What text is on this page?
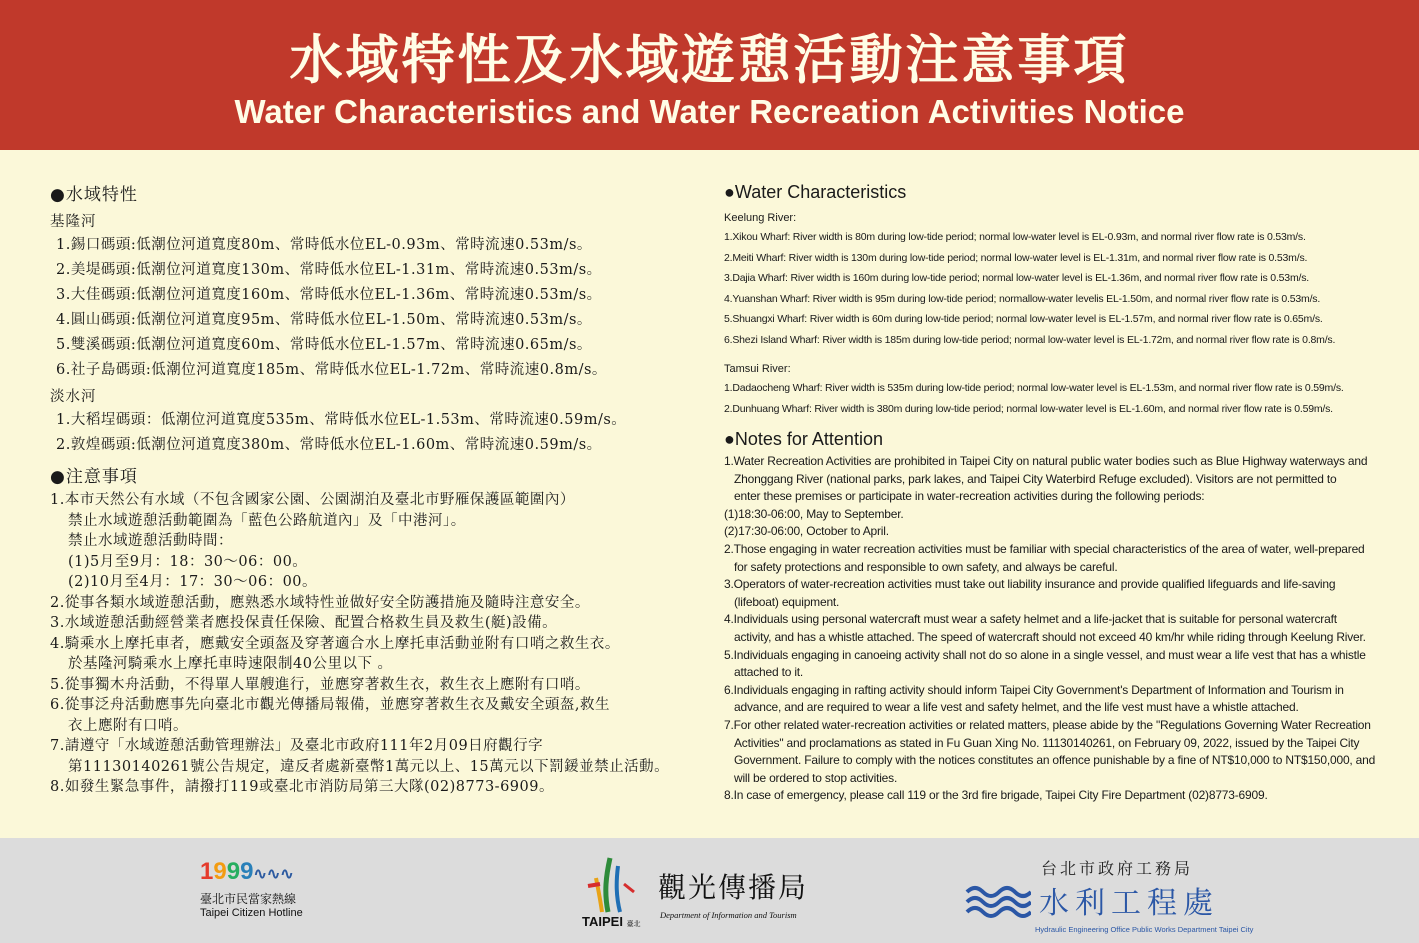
水域特性及水域遊憩活動注意事項
Water Characteristics and Water Recreation Activities Notice
● 水域特性
基隆河
1.錫口碼頭:低潮位河道寬度80m、常時低水位EL-0.93m、常時流速0.53m/s。
2.美堤碼頭:低潮位河道寬度130m、常時低水位EL-1.31m、常時流速0.53m/s。
3.大佳碼頭:低潮位河道寬度160m、常時低水位EL-1.36m、常時流速0.53m/s。
4.圓山碼頭:低潮位河道寬度95m、常時低水位EL-1.50m、常時流速0.53m/s。
5.雙溪碼頭:低潮位河道寬度60m、常時低水位EL-1.57m、常時流速0.65m/s。
6.社子島碼頭:低潮位河道寬度185m、常時低水位EL-1.72m、常時流速0.8m/s。
淡水河
1.大稻埕碼頭：低潮位河道寬度535m、常時低水位EL-1.53m、常時流速0.59m/s。
2.敦煌碼頭:低潮位河道寬度380m、常時低水位EL-1.60m、常時流速0.59m/s。
● 注意事項
1.本市天然公有水域（不包含國家公園、公園湖泊及臺北市野雁保護區範圍內）
禁止水域遊憩活動範圍為「藍色公路航道內」及「中港河」。
禁止水域遊憩活動時間：
(1)5月至9月：18：30～06：00。
(2)10月至4月：17：30～06：00。
2.從事各類水域遊憩活動，應熟悉水域特性並做好安全防護措施及隨時注意安全。
3.水域遊憩活動經營業者應投保責任保險、配置合格救生員及救生(艇)設備。
4.騎乘水上摩托車者，應戴安全頭盔及穿著適合水上摩托車活動並附有口哨之救生衣。
於基隆河騎乘水上摩托車時速限制40公里以下 。
5.從事獨木舟活動，不得單人單艘進行，並應穿著救生衣，救生衣上應附有口哨。
6.從事泛舟活動應事先向臺北市觀光傳播局報備，並應穿著救生衣及戴安全頭盔,救生
衣上應附有口哨。
7.請遵守「水域遊憩活動管理辦法」及臺北市政府111年2月09日府觀行字
第11130140261號公告規定，違反者處新臺幣1萬元以上、15萬元以下罰鍰並禁止活動。
8.如發生緊急事件，請撥打119或臺北市消防局第三大隊(02)8773-6909。
● Water Characteristics
Keelung River:
1.Xikou Wharf: River width is 80m during low-tide period; normal low-water level is EL-0.93m, and normal river flow rate is 0.53m/s.
2.Meiti Wharf: River width is 130m during low-tide period; normal low-water level is EL-1.31m, and normal river flow rate is 0.53m/s.
3.Dajia Wharf: River width is 160m during low-tide period; normal low-water level is EL-1.36m, and normal river flow rate is 0.53m/s.
4.Yuanshan Wharf: River width is 95m during low-tide period; normallow-water levelis EL-1.50m, and normal river flow rate is 0.53m/s.
5.Shuangxi Wharf: River width is 60m during low-tide period; normal low-water level is EL-1.57m, and normal river flow rate is 0.65m/s.
6.Shezi Island Wharf: River width is 185m during low-tide period; normal low-water level is EL-1.72m, and normal river flow rate is 0.8m/s.
Tamsui River:
1.Dadaocheng Wharf: River width is 535m during low-tide period; normal low-water level is EL-1.53m, and normal river flow rate is 0.59m/s.
2.Dunhuang Wharf: River width is 380m during low-tide period; normal low-water level is EL-1.60m, and normal river flow rate is 0.59m/s.
● Notes for Attention
1.Water Recreation Activities are prohibited in Taipei City on natural public water bodies such as Blue Highway waterways and
Zhonggang River (national parks, park lakes, and Taipei City Waterbird Refuge excluded). Visitors are not permitted to
enter these premises or participate in water-recreation activities during the following periods:
(1)18:30-06:00, May to September.
(2)17:30-06:00, October to April.
2.Those engaging in water recreation activities must be familiar with special characteristics of the area of water, well-prepared
for safety protections and responsible to own safety, and always be careful.
3.Operators of water-recreation activities must take out liability insurance and provide qualified lifeguards and life-saving
(lifeboat) equipment.
4.Individuals using personal watercraft must wear a safety helmet and a life-jacket that is suitable for personal watercraft
activity, and has a whistle attached. The speed of watercraft should not exceed 40 km/hr while riding through Keelung River.
5.Individuals engaging in canoeing activity shall not do so alone in a single vessel, and must wear a life vest that has a whistle
attached to it.
6.Individuals engaging in rafting activity should inform Taipei City Government's Department of Information and Tourism in
advance, and are required to wear a life vest and safety helmet, and the life vest must have a whistle attached.
7.For other related water-recreation activities or related matters, please abide by the "Regulations Governing Water Recreation
Activities" and proclamations as stated in Fu Guan Xing No. 11130140261, on February 09, 2022, issued by the Taipei City
Government. Failure to comply with the notices constitutes an offence punishable by a fine of NT$10,000 to NT$150,000, and
will be ordered to stop activities.
8.In case of emergency, please call 119 or the 3rd fire brigade, Taipei City Fire Department (02)8773-6909.
1999∿∿∿
臺北市民當家熱線
Taipei Citizen Hotline
TAIPEI 臺北
觀光傳播局
Department of Information and Tourism
台北市政府工務局
水利工程處
Hydraulic Engineering Office Public Works Department Taipei City
